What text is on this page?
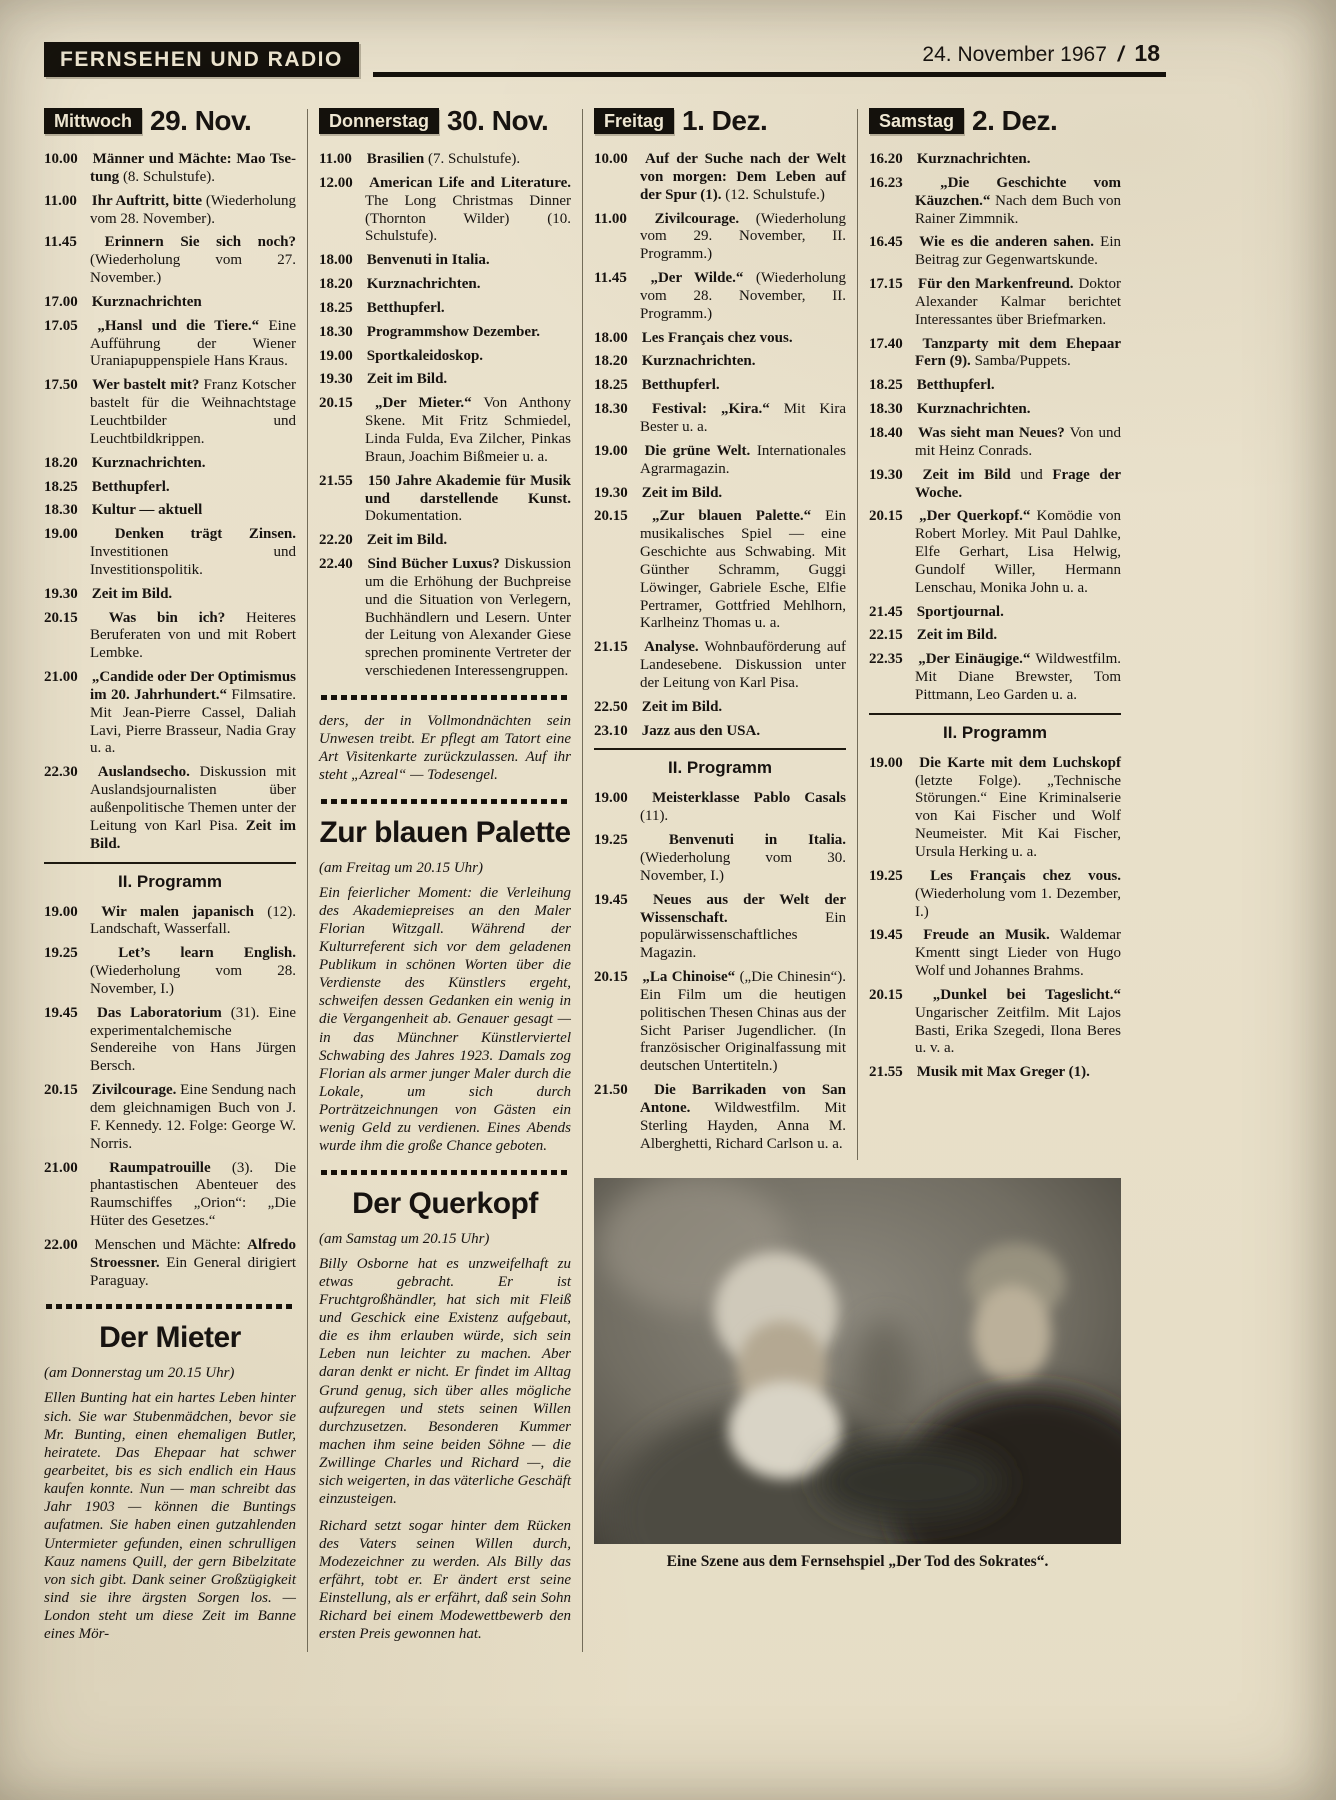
FERNSEHEN UND RADIO	24. November 1967 / 18
Mittwoch 29. Nov.

10.00 Männer und Mächte: Mao Tse-tung (8. Schulstufe).

11.00 Ihr Auftritt, bitte (Wiederholung vom 28. November).

11.45 Erinnern Sie sich noch? (Wiederholung vom 27. November.)

17.00 Kurznachrichten

17.05 „Hansl und die Tiere.“ Eine Aufführung der Wiener Uraniapuppenspiele Hans Kraus.

17.50 Wer bastelt mit? Franz Kotscher bastelt für die Weihnachtstage Leuchtbilder und Leuchtbildkrippen.

18.20 Kurznachrichten.

18.25 Betthupferl.

18.30 Kultur — aktuell

19.00 Denken trägt Zinsen. Investitionen und Investitionspolitik.

19.30 Zeit im Bild.

20.15 Was bin ich? Heiteres Beruferaten von und mit Robert Lembke.

21.00 „Candide oder Der Optimismus im 20. Jahrhundert.“ Filmsatire. Mit Jean-Pierre Cassel, Daliah Lavi, Pierre Brasseur, Nadia Gray u. a.

22.30 Auslandsecho. Diskussion mit Auslandsjournalisten über außenpolitische Themen unter der Leitung von Karl Pisa. Zeit im Bild.

II. Programm

19.00 Wir malen japanisch (12). Landschaft, Wasserfall.

19.25	Let’s learn English. (Wiederholung vom 28. November, I.)

19.45 Das Laboratorium (31). Eine experimentalchemische Sendereihe von Hans Jürgen Bersch.

20.15 Zivilcourage. Eine Sendung nach dem gleichnamigen Buch von J. F. Kennedy. 12. Folge: George W. Norris.

21.00 Raumpatrouille (3). Die phantastischen Abenteuer des Raumschiffes „Orion“: „Die Hüter des Gesetzes.“

22.00 Menschen und Mächte: Alfredo Stroessner. Ein General dirigiert Paraguay.

Der Mieter

(am Donnerstag um 20.15 Uhr)

Ellen Bunting hat ein hartes Leben hinter sich. Sie war Stubenmädchen, bevor sie Mr. Bunting, einen ehemaligen Butler, heiratete. Das Ehepaar hat schwer gearbeitet, bis es sich endlich ein Haus kaufen konnte. Nun — man schreibt das Jahr 1903 — können die Buntings aufatmen. Sie haben einen gutzahlenden Untermieter gefunden, einen schrulligen Kauz namens Quill, der gern Bibelzitate von sich gibt. Dank seiner Großzügigkeit sind sie ihre ärgsten Sorgen los. — London steht um diese Zeit im Banne eines Mör-

Donnerstag 30. Nov.

11.00 Brasilien (7. Schulstufe).

12.00 American Life and Literature. The Long Christmas Dinner (Thornton Wilder) (10. Schulstufe).

18.00 Benvenuti in Italia.

18.20 Kurznachrichten.

18.25 Betthupferl.

18.30 Programmshow Dezember.

19.00 Sportkaleidoskop.

19.30 Zeit im Bild.

20.15 „Der Mieter.“ Von Anthony Skene. Mit Fritz Schmiedel, Linda Fulda, Eva Zilcher, Pinkas Braun, Joachim Bißmeier u. a.

21.55 150 Jahre Akademie für Musik und darstellende Kunst. Dokumentation.

22.20 Zeit im Bild.

22.40 Sind Bücher Luxus? Diskussion um die Erhöhung der Buchpreise und die Situation von Verlegern, Buchhändlern und Lesern. Unter der Leitung von Alexander Giese sprechen prominente Vertreter der verschiedenen Interessengruppen.

ders, der in Vollmondnächten sein Unwesen treibt. Er pflegt am Tatort eine Art Visitenkarte zurückzulassen. Auf ihr steht „Azreal“ — Todesengel.

Zur blauen Palette

(am Freitag um 20.15 Uhr)

Ein feierlicher Moment: die Verleihung des Akademiepreises an den Maler Florian Witzgall. Während der Kulturreferent sich vor dem geladenen Publikum in schönen Worten über die Verdienste des Künstlers ergeht, schweifen dessen Gedanken ein wenig in die Vergangenheit ab. Genauer gesagt — in das Münchner Künstlerviertel Schwabing des Jahres 1923. Damals zog Florian als armer junger Maler durch die Lokale, um sich durch Porträtzeichnungen von Gästen ein wenig Geld zu verdienen. Eines Abends wurde ihm die große Chance geboten.

Der Querkopf

(am Samstag um 20.15 Uhr)

Billy Osborne hat es unzweifelhaft zu etwas gebracht. Er ist Fruchtgroßhändler, hat sich mit Fleiß und Geschick eine Existenz aufgebaut, die es ihm erlauben würde, sich sein Leben nun leichter zu machen. Aber daran denkt er nicht. Er findet im Alltag Grund genug, sich über alles mögliche aufzuregen und stets seinen Willen durchzusetzen. Besonderen Kummer machen ihm seine beiden Söhne — die Zwillinge Charles und Richard —, die sich weigerten, in das väterliche Geschäft einzusteigen.

Richard setzt sogar hinter dem Rücken des Vaters seinen Willen durch, Modezeichner zu werden. Als Billy das erfährt, tobt er. Er ändert erst seine Einstellung, als er erfährt, daß sein Sohn Richard bei einem Modewettbewerb den ersten Preis gewonnen hat.

Freitag 1. Dez.

10.00 Auf der Suche nach der Welt von morgen: Dem Leben auf der Spur (1). (12. Schulstufe.)

11.00 Zivilcourage. (Wiederholung vom 29. November, II. Programm.)

11.45 „Der Wilde.“ (Wiederholung vom 28. November, II. Programm.)

18.00 Les Français chez vous.

18.20 Kurznachrichten.

18.25 Betthupferl.

18.30 Festival: „Kira.“ Mit Kira Bester u. a.

19.00 Die grüne Welt. Internationales Agrarmagazin.

19.30 Zeit im Bild.

20.15 „Zur blauen Palette.“ Ein musikalisches Spiel — eine Geschichte aus Schwabing. Mit Günther Schramm, Guggi Löwinger, Gabriele Esche, Elfie Pertramer, Gottfried Mehlhorn, Karlheinz Thomas u. a.

21.15 Analyse. Wohnbauförderung auf Landesebene. Diskussion unter der Leitung von Karl Pisa.

22.50 Zeit im Bild.

23.10 Jazz aus den USA.

II. Programm

19.00 Meisterklasse Pablo Casals (11).

19.25	Benvenuti in Italia. (Wiederholung vom 30. November, I.)

19.45 Neues aus der Welt der Wissenschaft.	Ein populärwissenschaftliches Magazin.

20.15 „La Chinoise“ („Die Chinesin“). Ein Film um die heutigen politischen Thesen Chinas aus der Sicht Pariser Jugendlicher. (In französischer Originalfassung mit deutschen Untertiteln.)

21.50 Die Barrikaden von San Antone. Wildwestfilm. Mit Sterling Hayden, Anna M. Alberghetti, Richard Carlson u. a.

Samstag 2. Dez.

16.20 Kurznachrichten.

16.23 „Die Geschichte vom Käuzchen.“ Nach dem Buch von Rainer Zimmnik.

16.45 Wie es die anderen sahen. Ein Beitrag zur Gegenwartskunde.

17.15 Für den Markenfreund. Doktor Alexander Kalmar berichtet Interessantes über Briefmarken.

17.40 Tanzparty mit dem Ehepaar Fern (9). Samba/Puppets.

18.25 Betthupferl.

18.30 Kurznachrichten.

18.40 Was sieht man Neues? Von und mit Heinz Conrads.

19.30 Zeit im Bild und Frage der Woche.

20.15 „Der Querkopf.“ Komödie von Robert Morley. Mit Paul Dahlke, Elfe Gerhart, Lisa Helwig, Gundolf Willer, Hermann Lenschau, Monika John u. a.

21.45 Sportjournal.

22.15 Zeit im Bild.

22.35 „Der Einäugige.“ Wildwestfilm. Mit Diane Brewster, Tom Pittmann, Leo Garden u. a.

II. Programm

19.00 Die Karte mit dem Luchskopf (letzte Folge). „Technische Störungen.“ Eine Kriminalserie von Kai Fischer und Wolf Neumeister. Mit Kai Fischer, Ursula Herking u. a.

19.25 Les Français chez vous. (Wiederholung vom 1. Dezember, I.)

19.45 Freude an Musik. Waldemar Kmentt singt Lieder von Hugo Wolf und Johannes Brahms.

20.15 „Dunkel bei Tageslicht.“ Ungarischer Zeitfilm. Mit Lajos Basti, Erika Szegedi, Ilona Beres u. v. a.

21.55 Musik mit Max Greger (1).

Eine Szene aus dem Fernsehspiel „Der Tod des Sokrates“.
